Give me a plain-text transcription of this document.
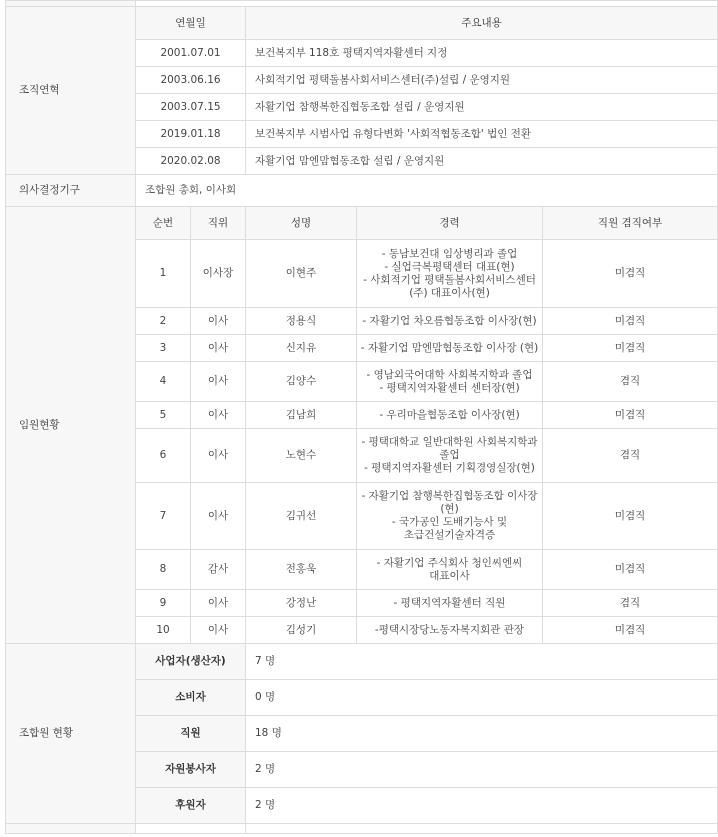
조직연혁	연월일		주요내용		
	2001.07.01		보건복지부 118호 평택지역자활센터 지정		
	2003.06.16		사회적기업 평택돌봄사회서비스센터(주)설립 / 운영지원		
	2003.07.15		자활기업 참행복한집협동조합 설립 / 운영지원		
	2019.01.18		보건복지부 시범사업 유형다변화 '사회적협동조합' 법인 전환		
	2020.02.08		자활기업 맘엔맘협동조합 설립 / 운영지원		
의사결정기구	조합원 총회, 이사회				
임원현황	순번	직위	성명	경력	직원 겸직여부
	1	이사장	이현주	- 동남보건대 임상병리과 졸업
- 실업극복평택센터 대표(현)
- 사회적기업 평택돌봄사회서비스센터
(주) 대표이사(현)	미겸직
	2	이사	정용식	- 자활기업 차오름협동조합 이사장(현)	미겸직
	3	이사	신지유	- 자활기업 맘엔맘협동조합 이사장 (현)	미겸직
	4	이사	김양수	- 영남외국어대학 사회복지학과 졸업
- 평택지역자활센터 센터장(현)	겸직
	5	이사	김남희	- 우리마을협동조합 이사장(현)	미겸직
	6	이사	노현수	- 평택대학교 일반대학원 사회복지학과
졸업
- 평택지역자활센터 기획경영실장(현)	겸직
	7	이사	김귀선	- 자활기업 참행복한집협동조합 이사장
(현)
- 국가공인 도배기능사 및
초급건설기술자격증	미겸직
	8	감사	전홍욱	- 자활기업 주식회사 청인씨엔씨
대표이사	미겸직
	9	이사	강정난	- 평택지역자활센터 직원	겸직
	10	이사	김성기	-평택시장당노동자복지회관 관장	미겸직
조합원 현황	사업자(생산자)		7 명		
	소비자		0 명		
	직원		18 명		
	자원봉사자		2 명		
	후원자		2 명		
